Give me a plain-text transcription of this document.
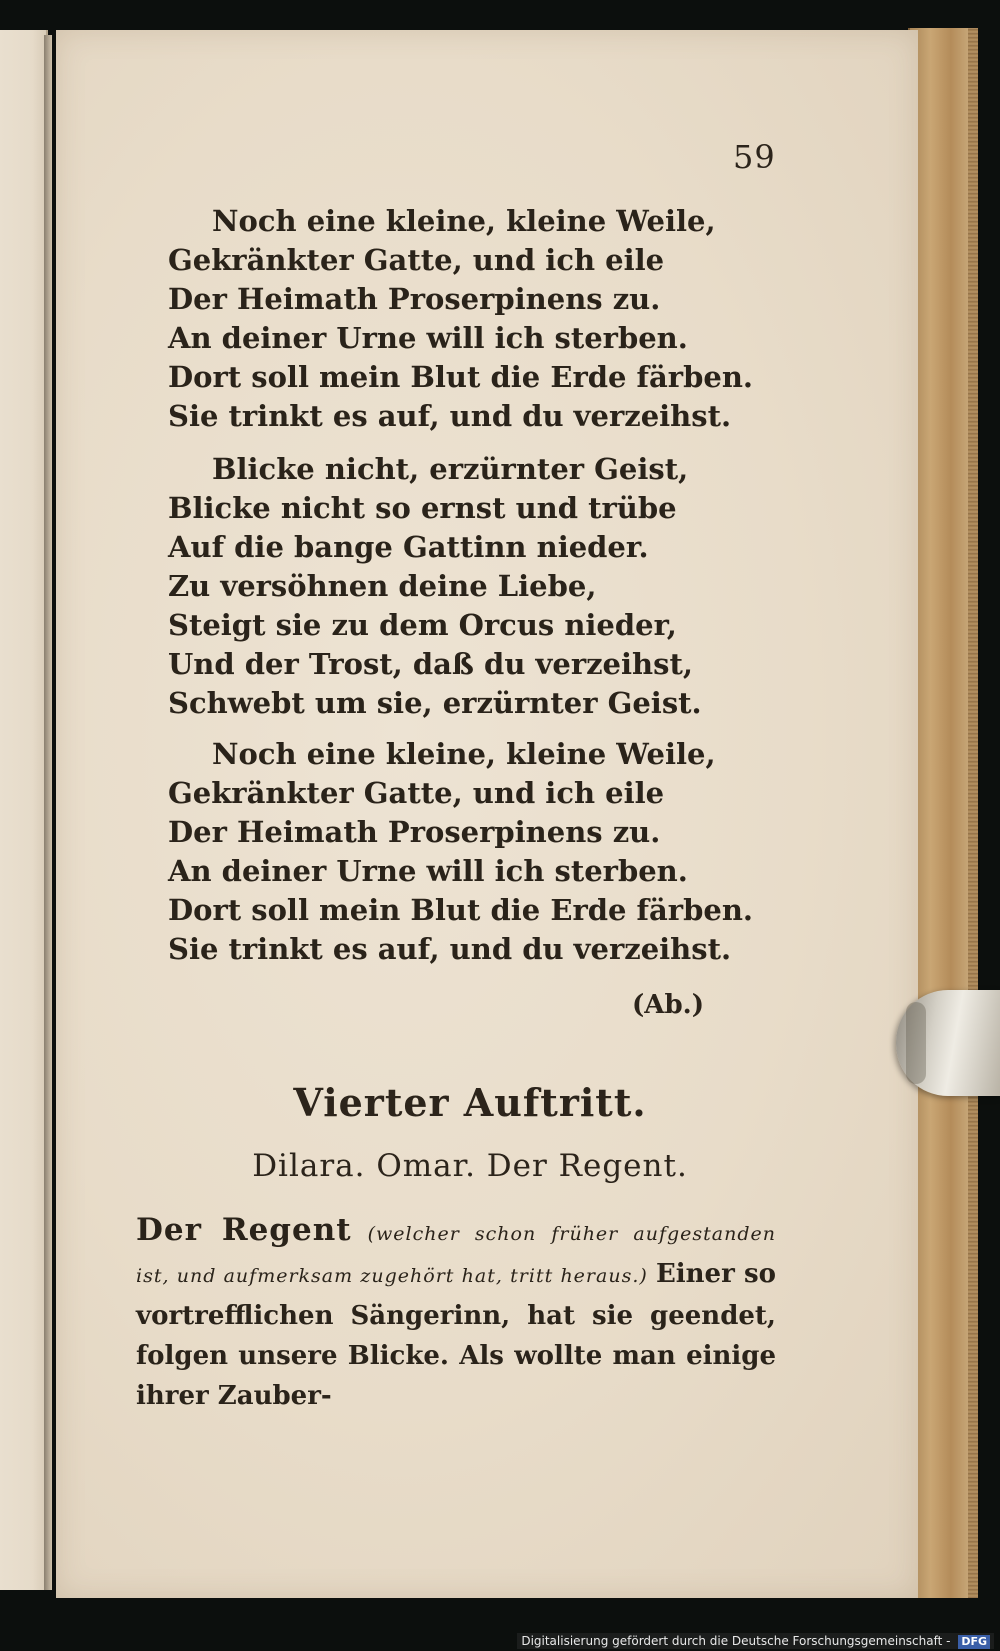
59
Noch eine kleine, kleine Weile,
Gekränkter Gatte, und ich eile
Der Heimath Proserpinens zu.
An deiner Urne will ich sterben.
Dort soll mein Blut die Erde färben.
Sie trinkt es auf, und du verzeihst.
Blicke nicht, erzürnter Geist,
Blicke nicht so ernst und trübe
Auf die bange Gattinn nieder.
Zu versöhnen deine Liebe,
Steigt sie zu dem Orcus nieder,
Und der Trost, daß du verzeihst,
Schwebt um sie, erzürnter Geist.
Noch eine kleine, kleine Weile,
Gekränkter Gatte, und ich eile
Der Heimath Proserpinens zu.
An deiner Urne will ich sterben.
Dort soll mein Blut die Erde färben.
Sie trinkt es auf, und du verzeihst.
(Ab.)
Vierter Auftritt.
Dilara. Omar. Der Regent.
Der Regent (welcher schon früher aufgestanden ist, und aufmerksam zugehört hat, tritt heraus.) Einer so vortrefflichen Sängerinn, hat sie geendet, folgen unsere Blicke. Als wollte man einige ihrer Zauber-
Digitalisierung gefördert durch die Deutsche Forschungsgemeinschaft - DFG
